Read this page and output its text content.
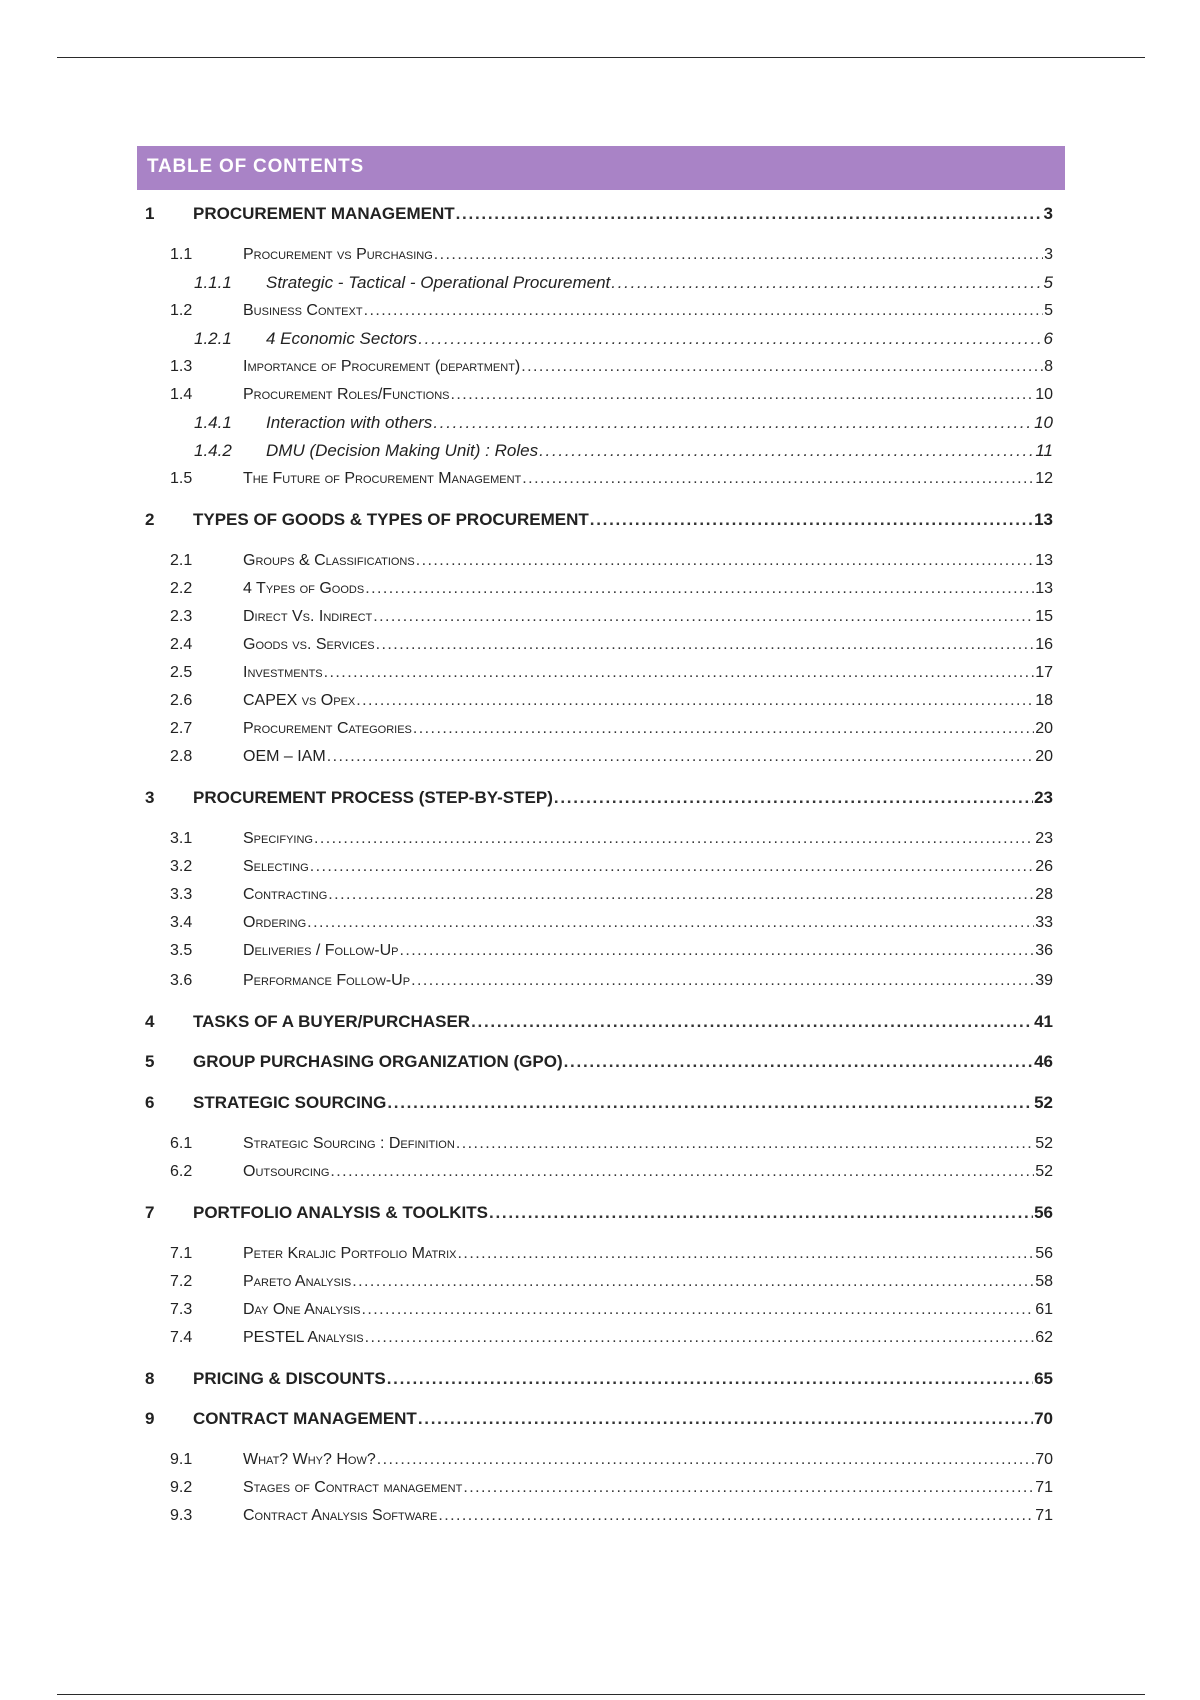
TABLE OF CONTENTS
1	PROCUREMENT MANAGEMENT . . .	3
1.1	Procurement vs Purchasing . . .	3
1.1.1	Strategic - Tactical - Operational Procurement . . .	5
1.2	Business Context . . .	5
1.2.1	4 Economic Sectors . . .	6
1.3	Importance of Procurement (department) . . .	8
1.4	Procurement Roles/Functions . . .	10
1.4.1	Interaction with others . . .	10
1.4.2	DMU (Decision Making Unit) : Roles . . .	11
1.5	The Future of Procurement Management . . .	12
2	TYPES OF GOODS & TYPES OF PROCUREMENT . . .	13
2.1	Groups & Classifications . . .	13
2.2	4 Types of Goods . . .	13
2.3	Direct Vs. Indirect . . .	15
2.4	Goods vs. Services . . .	16
2.5	Investments . . .	17
2.6	CAPEX vs Opex . . .	18
2.7	Procurement Categories . . .	20
2.8	OEM – IAM . . .	20
3	PROCUREMENT PROCESS (STEP-BY-STEP) . . .	23
3.1	Specifying . . .	23
3.2	Selecting . . .	26
3.3	Contracting . . .	28
3.4	Ordering . . .	33
3.5	Deliveries / Follow-Up . . .	36
3.6	Performance Follow-Up . . .	39
4	TASKS OF A BUYER/PURCHASER . . .	41
5	GROUP PURCHASING ORGANIZATION (GPO) . . .	46
6	STRATEGIC SOURCING . . .	52
6.1	Strategic Sourcing : Definition . . .	52
6.2	Outsourcing . . .	52
7	PORTFOLIO ANALYSIS & TOOLKITS . . .	56
7.1	Peter Kraljic Portfolio Matrix . . .	56
7.2	Pareto Analysis . . .	58
7.3	Day One Analysis . . .	61
7.4	PESTEL Analysis . . .	62
8	PRICING & DISCOUNTS . . .	65
9	CONTRACT MANAGEMENT . . .	70
9.1	What? Why? How? . . .	70
9.2	Stages of Contract management . . .	71
9.3	Contract Analysis Software . . .	71
